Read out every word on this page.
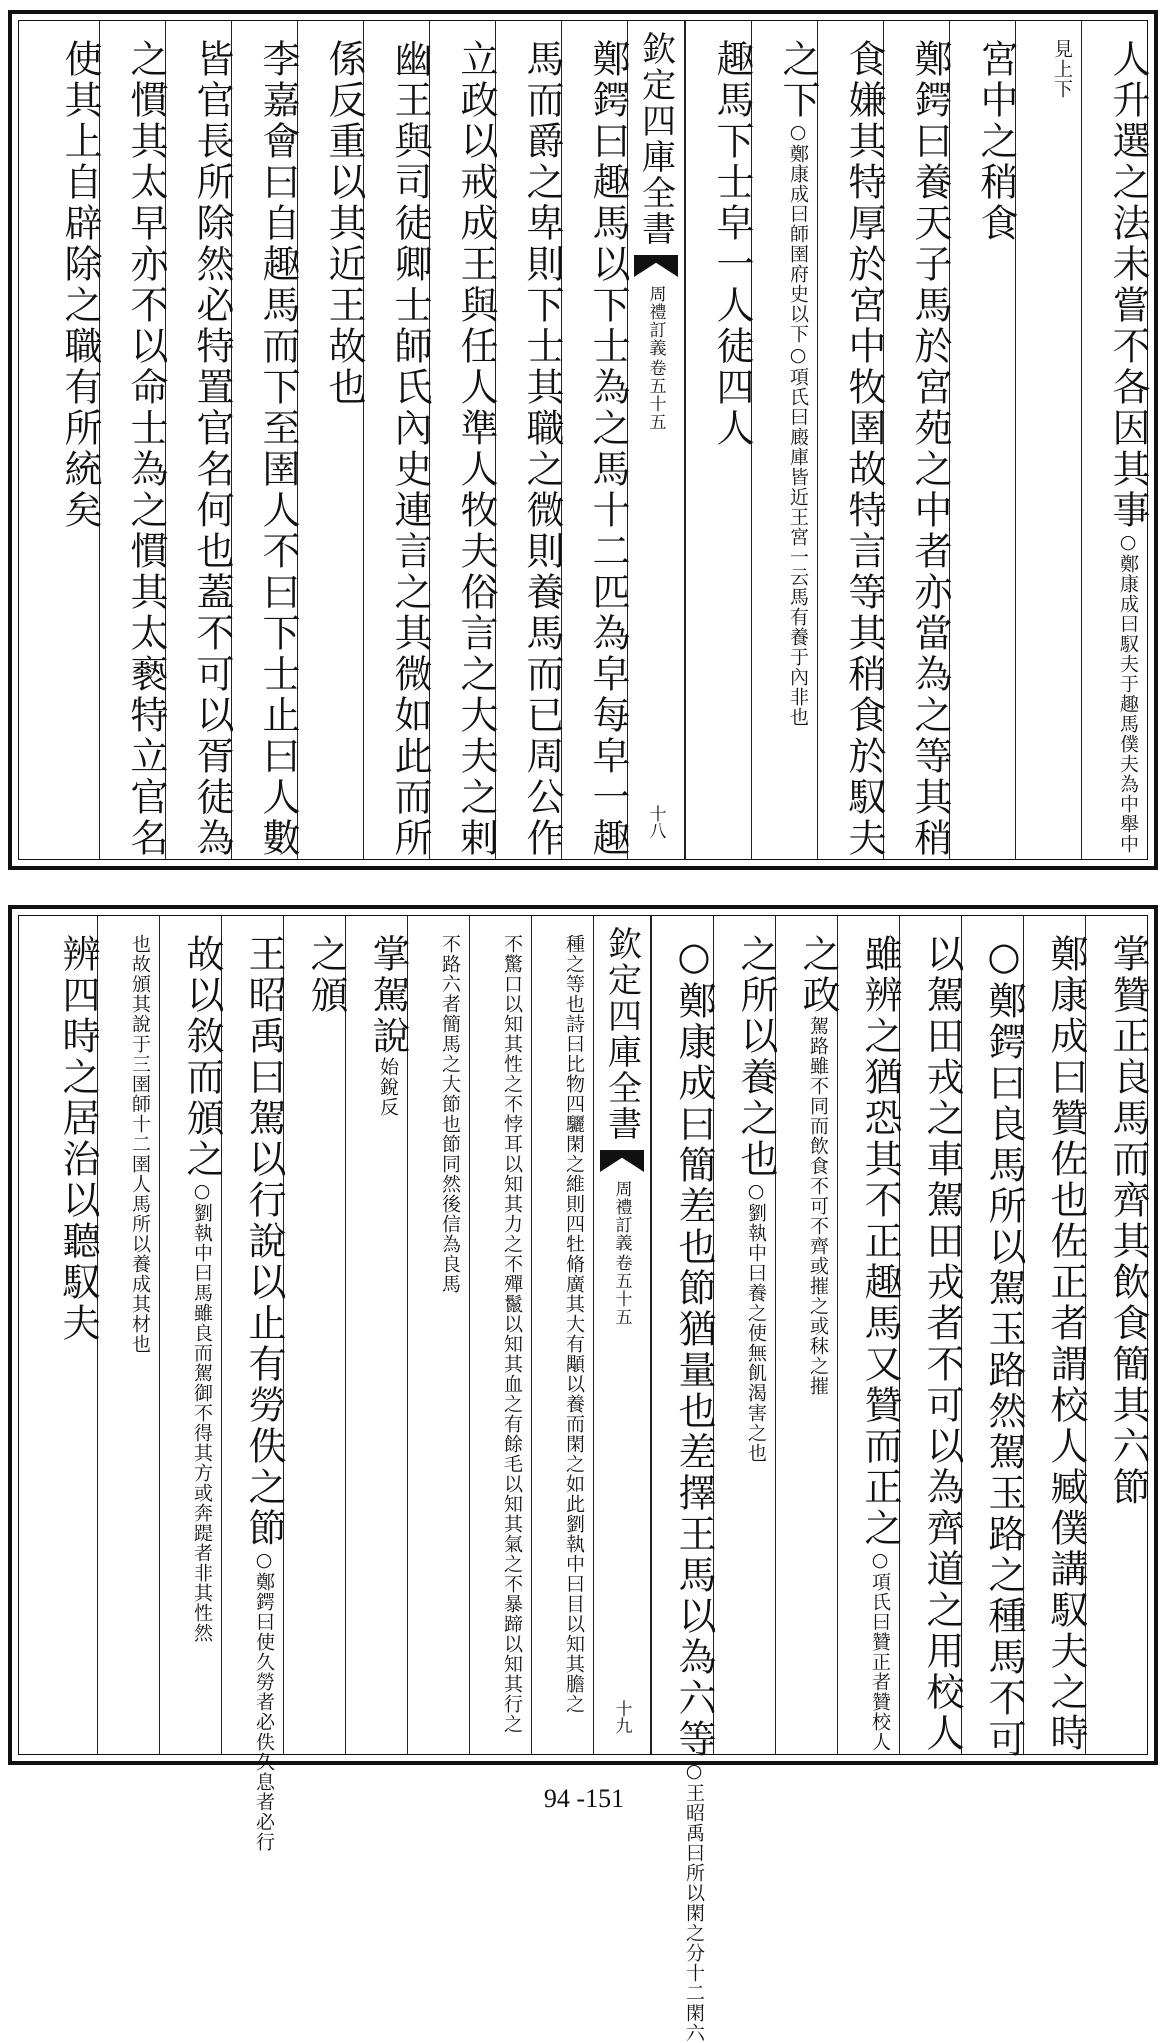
人升選之法未嘗不各因其事○鄭康成曰馭夫于趣馬僕夫為中舉中
見上下
宮中之稍食
鄭鍔曰養天子馬於宮苑之中者亦當為之等其稍
食嫌其特厚於宮中牧圉故特言等其稍食於馭夫
之下○鄭康成曰師圉府史以下○項氏曰廄庫皆近王宮一云馬有養于內非也
趣馬下士皁一人徒四人
欽定四庫全書
周禮訂義
卷五十五
十八
鄭鍔曰趣馬以下士為之馬十二匹為皁每皁一趣
馬而爵之卑則下士其職之微則養馬而已周公作
立政以戒成王與任人準人牧夫俗言之大夫之剌
幽王與司徒卿士師氏內史連言之其微如此而所
係反重以其近王故也
李嘉會曰自趣馬而下至圉人不曰下士止曰人數
皆官長所除然必特置官名何也蓋不可以胥徒為
之慣其太早亦不以命士為之慣其太褻特立官名
使其上自辟除之職有所統矣
掌贊正良馬而齊其飲食簡其六節
鄭康成曰贊佐也佐正者謂校人臧僕講馭夫之時
○鄭鍔曰良馬所以駕玉路然駕玉路之種馬不可
以駕田戎之車駕田戎者不可以為齊道之用校人
雖辨之猶恐其不正趣馬又贊而正之○項氏曰贊正者贊校人
之政駕路雖不同而飲食不可不齊或摧之或秣之摧
之所以養之也○劉執中曰養之使無飢渴害之也
○鄭康成曰簡差也節猶量也差擇王馬以為六等○王昭禹曰所以閑之分十二閑六
欽定四庫全書
周禮訂義
卷五十五
十九
種之等也詩曰比物四驪閑之維則四牡脩廣其大有顒以養而閑之如此劉執中曰目以知其膽之
不驚口以知其性之不悖耳以知其力之不殫鬣以知其血之有餘毛以知其氣之不暴蹄以知其行之
不路六者簡馬之大節也節同然後信為良馬
掌駕說始銳反
之頒
王昭禹曰駕以行說以止有勞佚之節○鄭鍔曰使久勞者必佚久息者必行
故以敘而頒之○劉執中曰馬雖良而駕御不得其方或奔踶者非其性然
也故頒其說于三圉師十二圉人馬所以養成其材也
辨四時之居治以聽馭夫
94 -151
